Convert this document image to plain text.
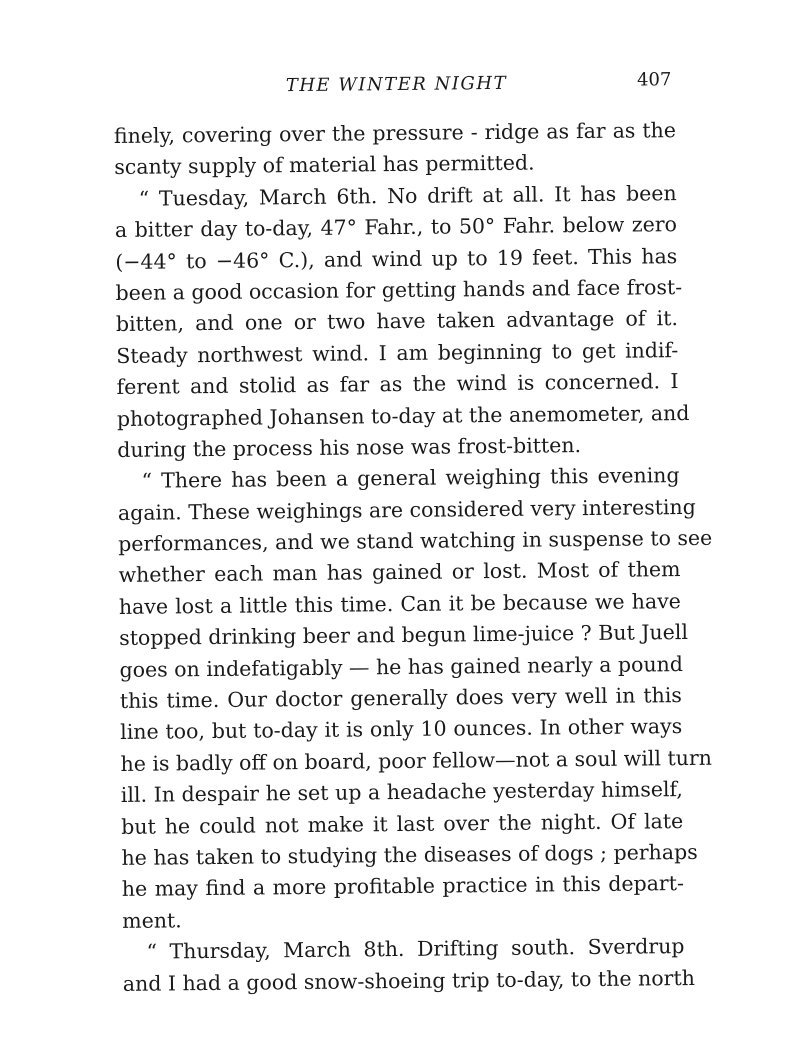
THE WINTER NIGHT	407
finely, covering over the pressure - ridge as far as the
scanty supply of material has permitted.
“ Tuesday, March 6th. No drift at all. It has been
a bitter day to-day, 47° Fahr., to 50° Fahr. below zero
(−44° to −46° C.), and wind up to 19 feet. This has
been a good occasion for getting hands and face frost-
bitten, and one or two have taken advantage of it.
Steady northwest wind. I am beginning to get indif-
ferent and stolid as far as the wind is concerned. I
photographed Johansen to-day at the anemometer, and
during the process his nose was frost-bitten.
“ There has been a general weighing this evening
again. These weighings are considered very interesting
performances, and we stand watching in suspense to see
whether each man has gained or lost. Most of them
have lost a little this time. Can it be because we have
stopped drinking beer and begun lime-juice ? But Juell
goes on indefatigably — he has gained nearly a pound
this time. Our doctor generally does very well in this
line too, but to-day it is only 10 ounces. In other ways
he is badly off on board, poor fellow—not a soul will turn
ill. In despair he set up a headache yesterday himself,
but he could not make it last over the night. Of late
he has taken to studying the diseases of dogs ; perhaps
he may find a more profitable practice in this depart-
ment.
“ Thursday, March 8th. Drifting south. Sverdrup
and I had a good snow-shoeing trip to-day, to the north
